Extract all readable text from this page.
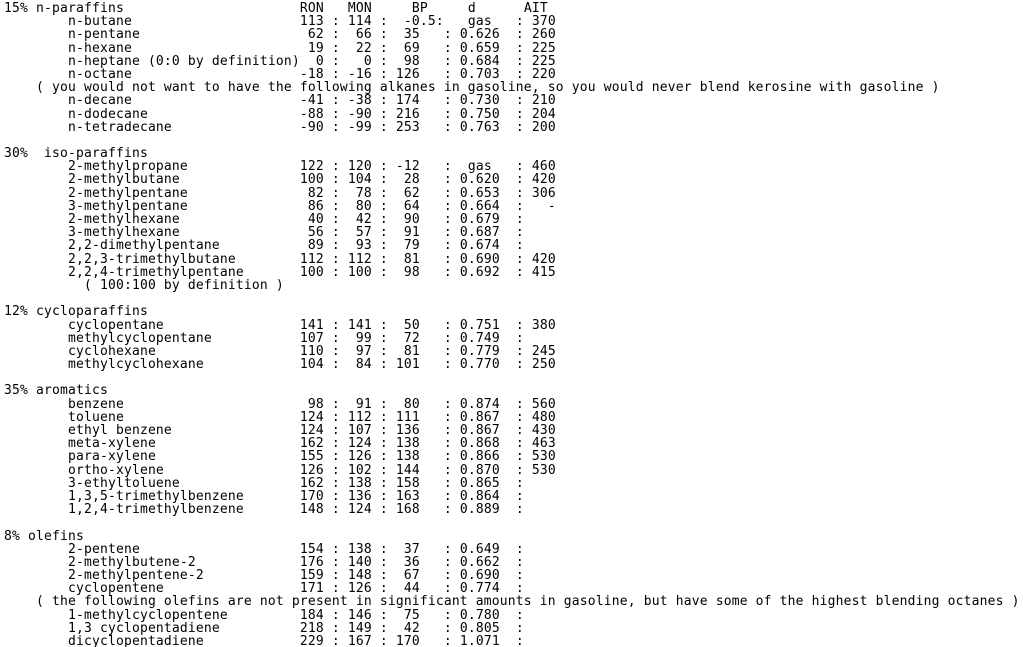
15% n-paraffins                      RON   MON     BP     d      AIT
n-butane                     113 : 114 :  -0.5:   gas   : 370
n-pentane                     62 :  66 :  35   : 0.626  : 260
n-hexane                      19 :  22 :  69   : 0.659  : 225
n-heptane (0:0 by definition)  0 :   0 :  98   : 0.684  : 225
n-octane                     -18 : -16 : 126   : 0.703  : 220
( you would not want to have the following alkanes in gasoline, so you would never blend kerosine with gasoline )
n-decane                     -41 : -38 : 174   : 0.730  : 210
n-dodecane                   -88 : -90 : 216   : 0.750  : 204
n-tetradecane                -90 : -99 : 253   : 0.763  : 200

30%  iso-paraffins
2-methylpropane              122 : 120 : -12   :  gas   : 460
2-methylbutane               100 : 104 :  28   : 0.620  : 420
2-methylpentane               82 :  78 :  62   : 0.653  : 306
3-methylpentane               86 :  80 :  64   : 0.664  :   -
2-methylhexane                40 :  42 :  90   : 0.679  :
3-methylhexane                56 :  57 :  91   : 0.687  :
2,2-dimethylpentane           89 :  93 :  79   : 0.674  :
2,2,3-trimethylbutane        112 : 112 :  81   : 0.690  : 420
2,2,4-trimethylpentane       100 : 100 :  98   : 0.692  : 415
( 100:100 by definition )

12% cycloparaffins
cyclopentane                 141 : 141 :  50   : 0.751  : 380
methylcyclopentane           107 :  99 :  72   : 0.749  :
cyclohexane                  110 :  97 :  81   : 0.779  : 245
methylcyclohexane            104 :  84 : 101   : 0.770  : 250

35% aromatics
benzene                       98 :  91 :  80   : 0.874  : 560
toluene                      124 : 112 : 111   : 0.867  : 480
ethyl benzene                124 : 107 : 136   : 0.867  : 430
meta-xylene                  162 : 124 : 138   : 0.868  : 463
para-xylene                  155 : 126 : 138   : 0.866  : 530
ortho-xylene                 126 : 102 : 144   : 0.870  : 530
3-ethyltoluene               162 : 138 : 158   : 0.865  :
1,3,5-trimethylbenzene       170 : 136 : 163   : 0.864  :
1,2,4-trimethylbenzene       148 : 124 : 168   : 0.889  :

8% olefins
2-pentene                    154 : 138 :  37   : 0.649  :
2-methylbutene-2             176 : 140 :  36   : 0.662  :
2-methylpentene-2            159 : 148 :  67   : 0.690  :
cyclopentene                 171 : 126 :  44   : 0.774  :
( the following olefins are not present in significant amounts in gasoline, but have some of the highest blending octanes )
1-methylcyclopentene         184 : 146 :  75   : 0.780  :
1,3 cyclopentadiene          218 : 149 :  42   : 0.805  :
dicyclopentadiene            229 : 167 : 170   : 1.071  :
